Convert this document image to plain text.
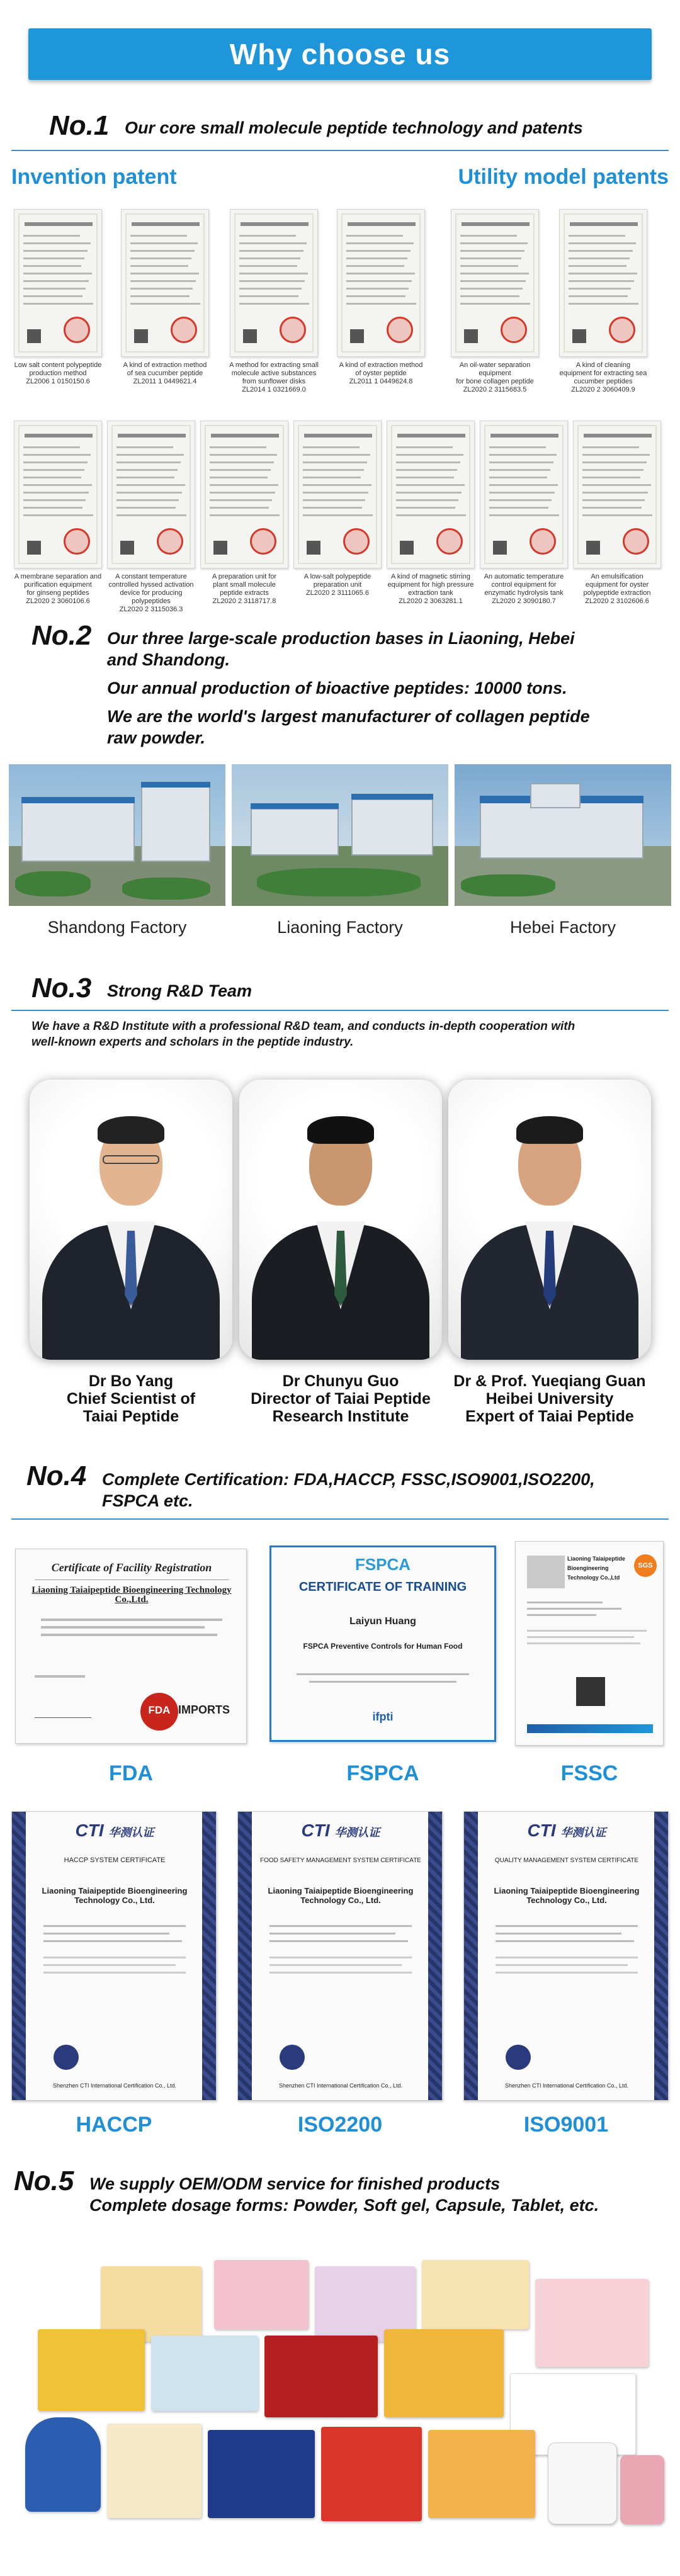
Why choose us
No.1 Our core small molecule peptide technology and patents
Invention patent	Utility model patents
Low salt content polypeptide
production method
ZL2006 1 0150150.6
A kind of extraction method
of sea cucumber peptide
ZL2011 1 0449621.4
A method for extracting small
molecule active substances
from sunflower disks
ZL2014 1 0321669.0
A kind of extraction method
of oyster peptide
ZL2011 1 0449624.8
An oil-water separation equipment
for bone collagen peptide
ZL2020 2 3115683.5
A kind of cleaning
equipment for extracting sea
cucumber peptides
ZL2020 2 3060409.9
A membrane separation and
purification equipment
for ginseng peptides
ZL2020 2 3060106.6
A constant temperature
controlled hyssed activation
device for producing polypeptides
ZL2020 2 3115036.3
A preparation unit for
plant small molecule
peptide extracts
ZL2020 2 3118717.8
A low-salt polypeptide
preparation unit
ZL2020 2 3111065.6
A kind of magnetic stirring
equipment for high pressure
extraction tank
ZL2020 2 3063281.1
An automatic temperature
control equipment for
enzymatic hydrolysis tank
ZL2020 2 3090180.7
An emulsification
equipment for oyster
polypeptide extraction
ZL2020 2 3102606.6
No.2 Our three large-scale production bases in Liaoning, Hebei
and Shandong.
Our annual production of bioactive peptides: 10000 tons.
We are the world's largest manufacturer of collagen peptide
raw powder.
Shandong Factory	Liaoning Factory	Hebei Factory
No.3 Strong R&D Team
We have a R&D Institute with a professional R&D team, and conducts in-depth cooperation with
well-known experts and scholars in the peptide industry.
Dr Bo Yang
Chief Scientist of
Taiai Peptide
Dr Chunyu Guo
Director of Taiai Peptide
Research Institute
Dr & Prof. Yueqiang Guan
Heibei University
Expert of Taiai Peptide
No.4 Complete Certification: FDA,HACCP, FSSC,ISO9001,ISO2200,
FSPCA etc.
Certificate of Facility Registration
Liaoning Taiaipeptide Bioengineering Technology Co.,Ltd.
FDA IMPORTS
FSPCA
CERTIFICATE OF TRAINING
Laiyun Huang
FSPCA Preventive Controls for Human Food
ifpti
Liaoning Taiaipeptide Bioengineering Technology Co.,Ltd
SGS
FDA	FSPCA	FSSC
CTI 华测认证
HACCP SYSTEM CERTIFICATE
Liaoning Taiaipeptide Bioengineering Technology Co., Ltd.
Shenzhen CTI International Certification Co., Ltd.
CTI 华测认证
FOOD SAFETY MANAGEMENT SYSTEM CERTIFICATE
Liaoning Taiaipeptide Bioengineering Technology Co., Ltd.
Shenzhen CTI International Certification Co., Ltd.
CTI 华测认证
QUALITY MANAGEMENT SYSTEM CERTIFICATE
Liaoning Taiaipeptide Bioengineering Technology Co., Ltd.
Shenzhen CTI International Certification Co., Ltd.
HACCP	ISO2200	ISO9001
No.5 We supply OEM/ODM service for finished products
Complete dosage forms: Powder, Soft gel, Capsule, Tablet, etc.
